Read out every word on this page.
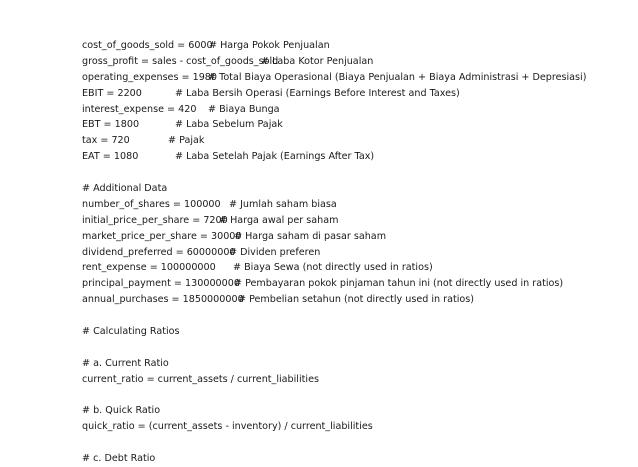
cost_of_goods_sold = 6000
# Harga Pokok Penjualan
gross_profit = sales - cost_of_goods_sold
# Laba Kotor Penjualan
operating_expenses = 1980
# Total Biaya Operasional (Biaya Penjualan + Biaya Administrasi + Depresiasi)
EBIT = 2200	# Laba Bersih Operasi (Earnings Before Interest and Taxes)
interest_expense = 420 # Biaya Bunga
EBT = 1800	# Laba Sebelum Pajak
tax = 720	# Pajak
EAT = 1080	# Laba Setelah Pajak (Earnings After Tax)
# Additional Data
number_of_shares = 100000 # Jumlah saham biasa
initial_price_per_share = 7200
# Harga awal per saham
market_price_per_share = 30000
# Harga saham di pasar saham
dividend_preferred = 60000000
# Dividen preferen
rent_expense = 100000000 # Biaya Sewa (not directly used in ratios)
principal_payment = 130000000
# Pembayaran pokok pinjaman tahun ini (not directly used in ratios)
annual_purchases = 1850000000
# Pembelian setahun (not directly used in ratios)
# Calculating Ratios
# a. Current Ratio
current_ratio = current_assets / current_liabilities
# b. Quick Ratio
quick_ratio = (current_assets - inventory) / current_liabilities
# c. Debt Ratio
